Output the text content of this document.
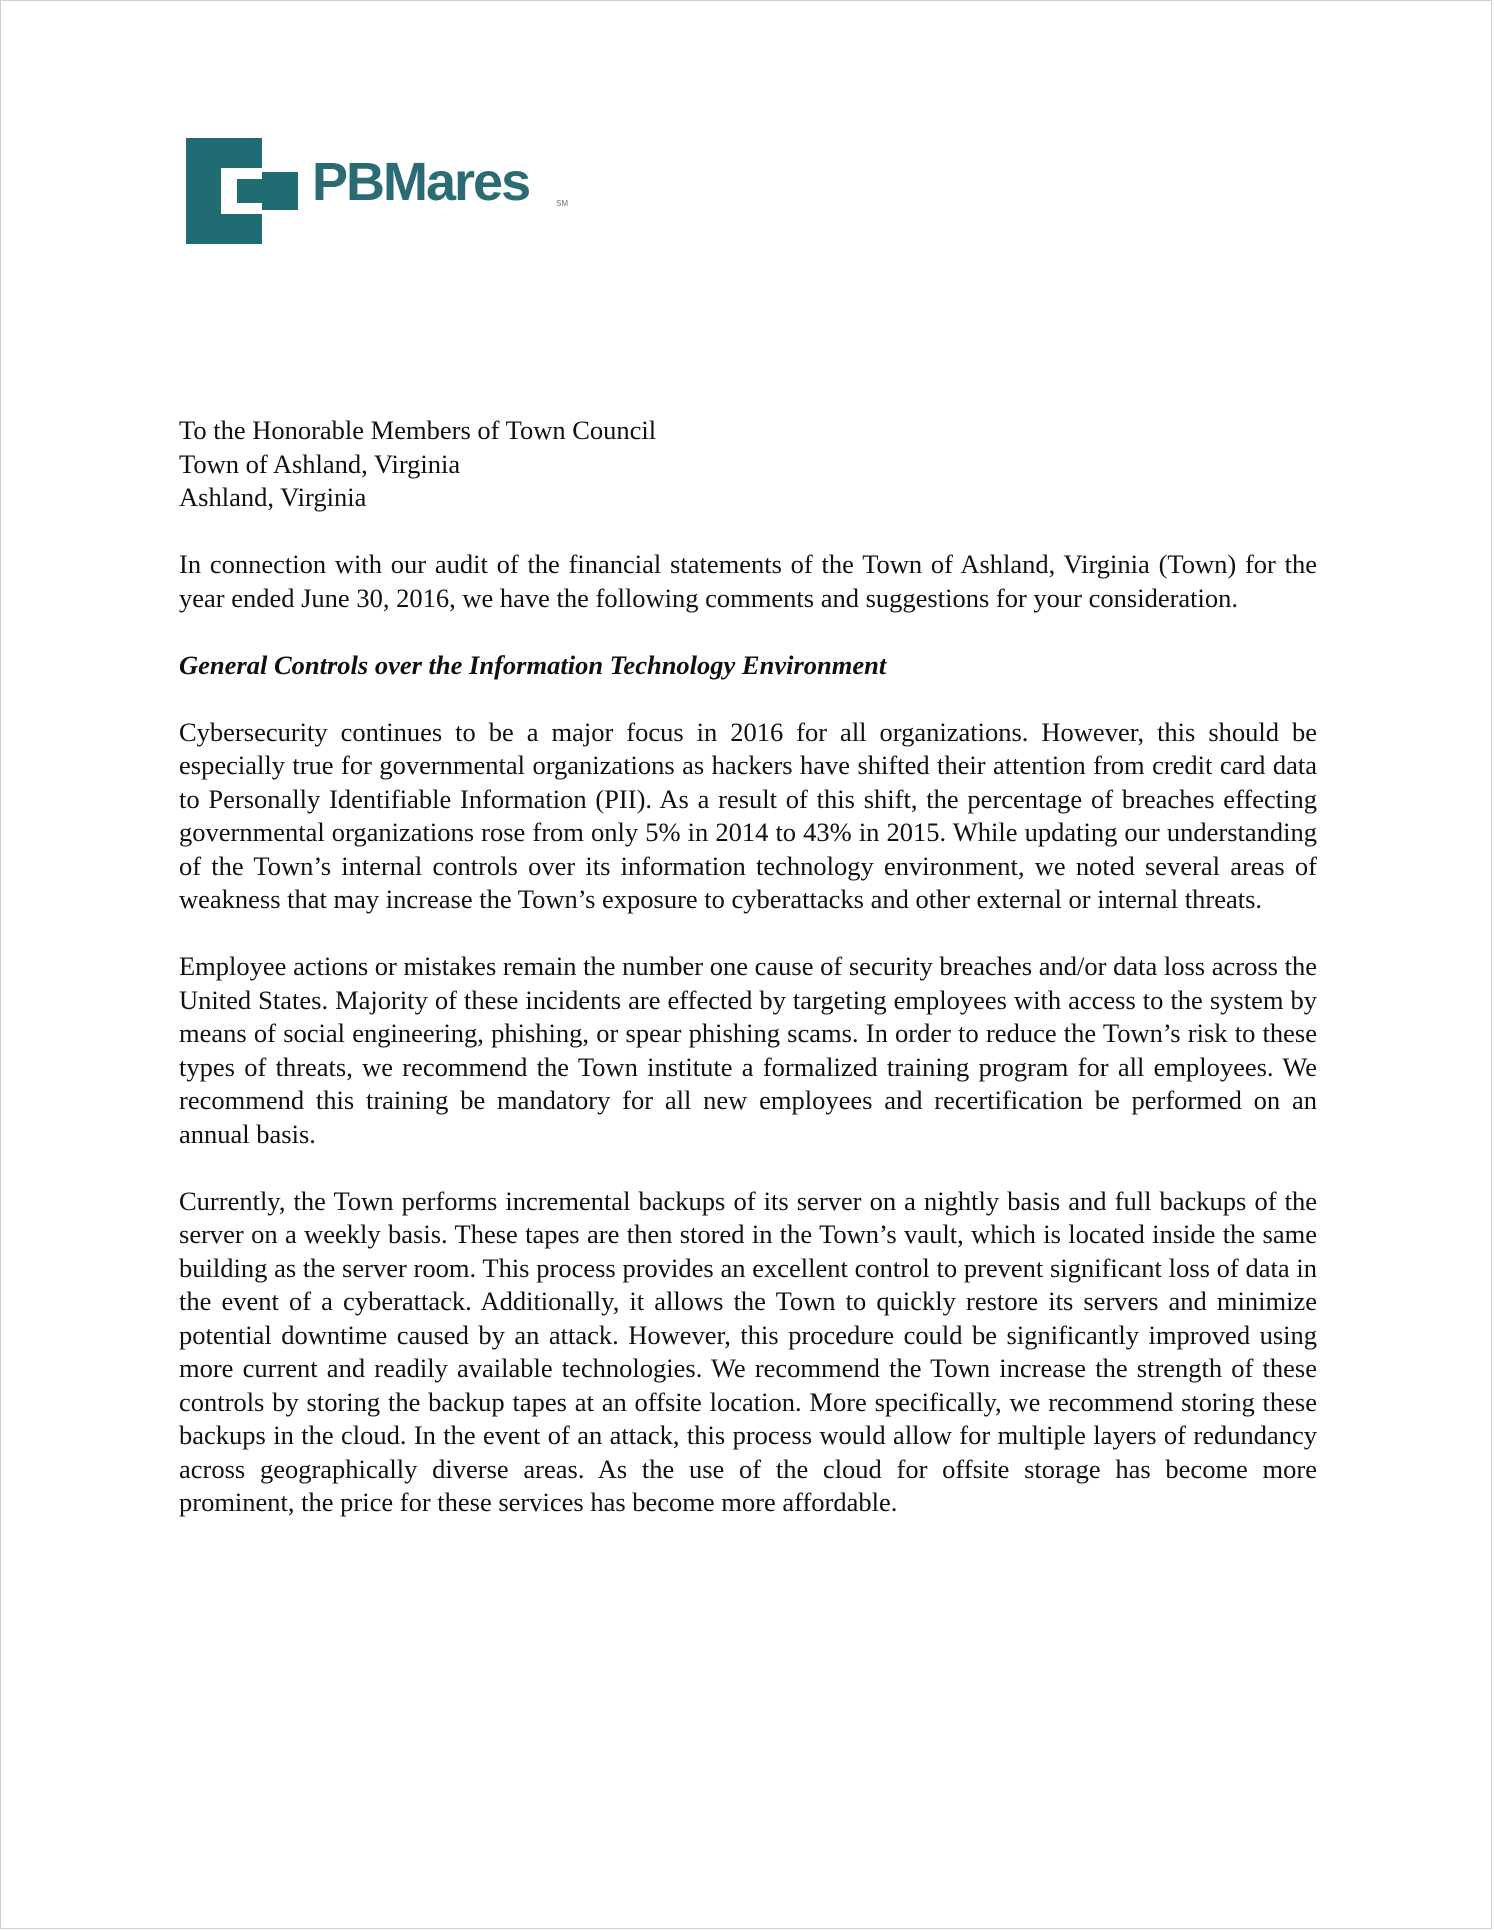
PBMares	SM
To the Honorable Members of Town Council
Town of Ashland, Virginia
Ashland, Virginia

In connection with our audit of the financial statements of the Town of Ashland, Virginia (Town) for the year ended June 30, 2016, we have the following comments and suggestions for your consideration.

General Controls over the Information Technology Environment

Cybersecurity continues to be a major focus in 2016 for all organizations. However, this should be especially true for governmental organizations as hackers have shifted their attention from credit card data to Personally Identifiable Information (PII). As a result of this shift, the percentage of breaches effecting governmental organizations rose from only 5% in 2014 to 43% in 2015. While updating our understanding of the Town’s internal controls over its information technology environment, we noted several areas of weakness that may increase the Town’s exposure to cyberattacks and other external or internal threats.

Employee actions or mistakes remain the number one cause of security breaches and/or data loss across the United States. Majority of these incidents are effected by targeting employees with access to the system by means of social engineering, phishing, or spear phishing scams. In order to reduce the Town’s risk to these types of threats, we recommend the Town institute a formalized training program for all employees. We recommend this training be mandatory for all new employees and recertification be performed on an annual basis.

Currently, the Town performs incremental backups of its server on a nightly basis and full backups of the server on a weekly basis. These tapes are then stored in the Town’s vault, which is located inside the same building as the server room. This process provides an excellent control to prevent significant loss of data in the event of a cyberattack. Additionally, it allows the Town to quickly restore its servers and minimize potential downtime caused by an attack. However, this procedure could be significantly improved using more current and readily available technologies. We recommend the Town increase the strength of these controls by storing the backup tapes at an offsite location. More specifically, we recommend storing these backups in the cloud. In the event of an attack, this process would allow for multiple layers of redundancy across geographically diverse areas. As the use of the cloud for offsite storage has become more prominent, the price for these services has become more affordable.
